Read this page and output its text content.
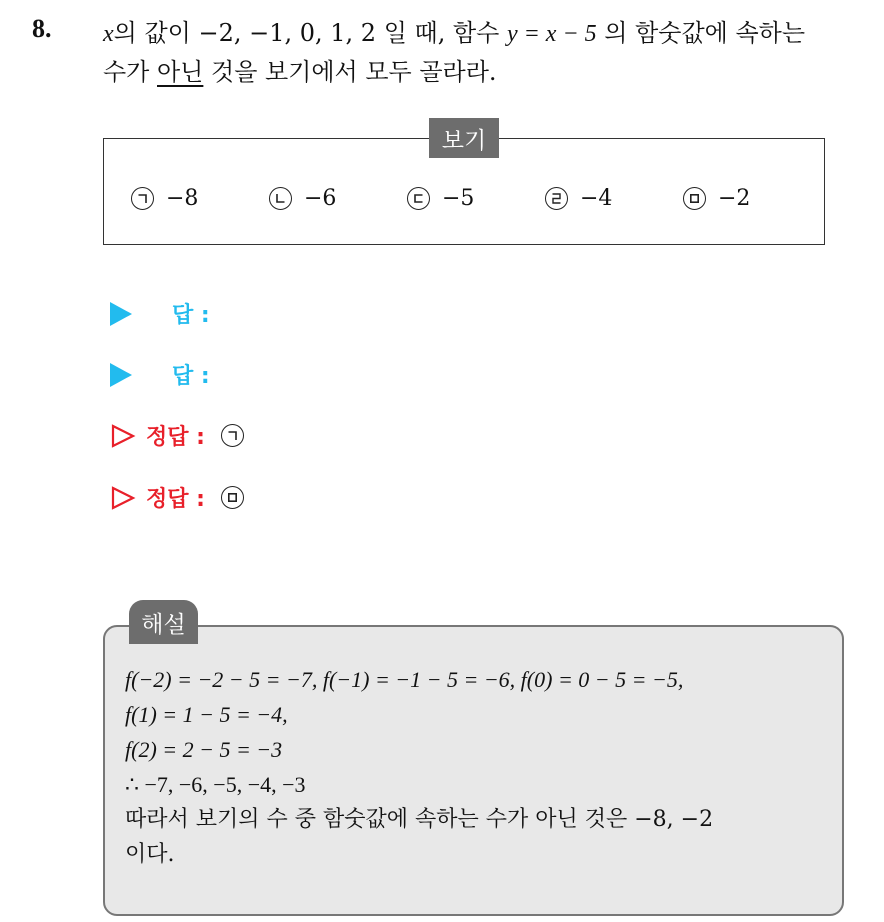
8. x의 값이 −2, −1, 0, 1, 2 일 때, 함수 y = x − 5 의 함숫값에 속하는
수가 아닌 것을 보기에서 모두 골라라.
보기
−8	−6	−5	−4	−2
답 :
답 :
정답 :
정답 :
해설
f(−2) = −2 − 5 = −7, f(−1) = −1 − 5 = −6, f(0) = 0 − 5 = −5,
f(1) = 1 − 5 = −4,
f(2) = 2 − 5 = −3
∴ −7, −6, −5, −4, −3
따라서 보기의 수 중 함숫값에 속하는 수가 아닌 것은 −8, −2
이다.
